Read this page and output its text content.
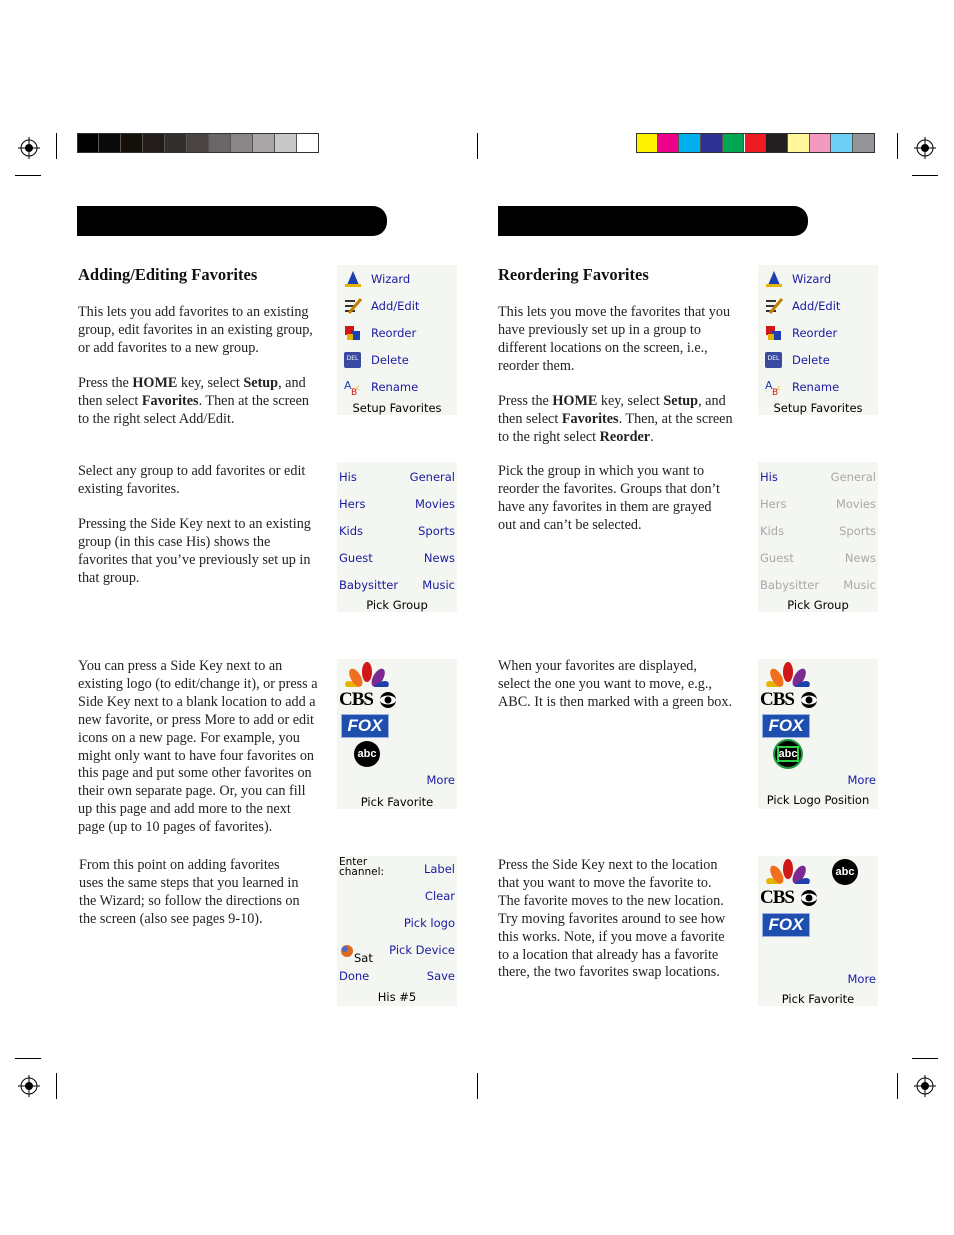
Adding/Editing Favorites
This lets you add favorites to an existing
group, edit favorites in an existing group,
or add favorites to a new group.
Press the HOME key, select Setup, and
then select Favorites. Then at the screen
to the right select Add/Edit.
Select any group to add favorites or edit
existing favorites.
Pressing the Side Key next to an existing
group (in this case His) shows the
favorites that you’ve previously set up in
that group.
You can press a Side Key next to an
existing logo (to edit/change it), or press a
Side Key next to a blank location to add a
new favorite, or press More to add or edit
icons on a new page. For example, you
might only want to have four favorites on
this page and put some other favorites on
their own separate page. Or, you can fill
up this page and add more to the next
page (up to 10 pages of favorites).
From this point on adding favorites
uses the same steps that you learned in
the Wizard; so follow the directions on
the screen (also see pages 9-10).
Reordering Favorites
This lets you move the favorites that you
have previously set up in a group to
different locations on the screen, i.e.,
reorder them.
Press the HOME key, select Setup, and
then select Favorites. Then, at the screen
to the right select Reorder.
Pick the group in which you want to
reorder the favorites. Groups that don’t
have any favorites in them are grayed
out and can’t be selected.
When your favorites are displayed,
select the one you want to move, e.g.,
ABC. It is then marked with a green box.
Press the Side Key next to the location
that you want to move the favorite to.
The favorite moves to the new location.
Try moving favorites around to see how
this works. Note, if you move a favorite
to a location that already has a favorite
there, the two favorites swap locations.
Wizard
Add/Edit
Reorder
DEL Delete
A
B
c Rename
Setup Favorites
Wizard
Add/Edit
Reorder
DEL Delete
A
B
c Rename
Setup Favorites
His
Hers
Kids
Guest
Babysitter
General
Movies
Sports
News
Music
Pick Group
His
Hers
Kids
Guest
Babysitter
General
Movies
Sports
News
Music
Pick Group
CBS
FOX
abc
More
Pick Favorite
CBS
FOX
abc
More
Pick Logo Position
Enter
channel:	Label
Clear
Pick logo
Pick Device
Sat
Done	Save
His #5
abc
CBS
FOX
More
Pick Favorite
